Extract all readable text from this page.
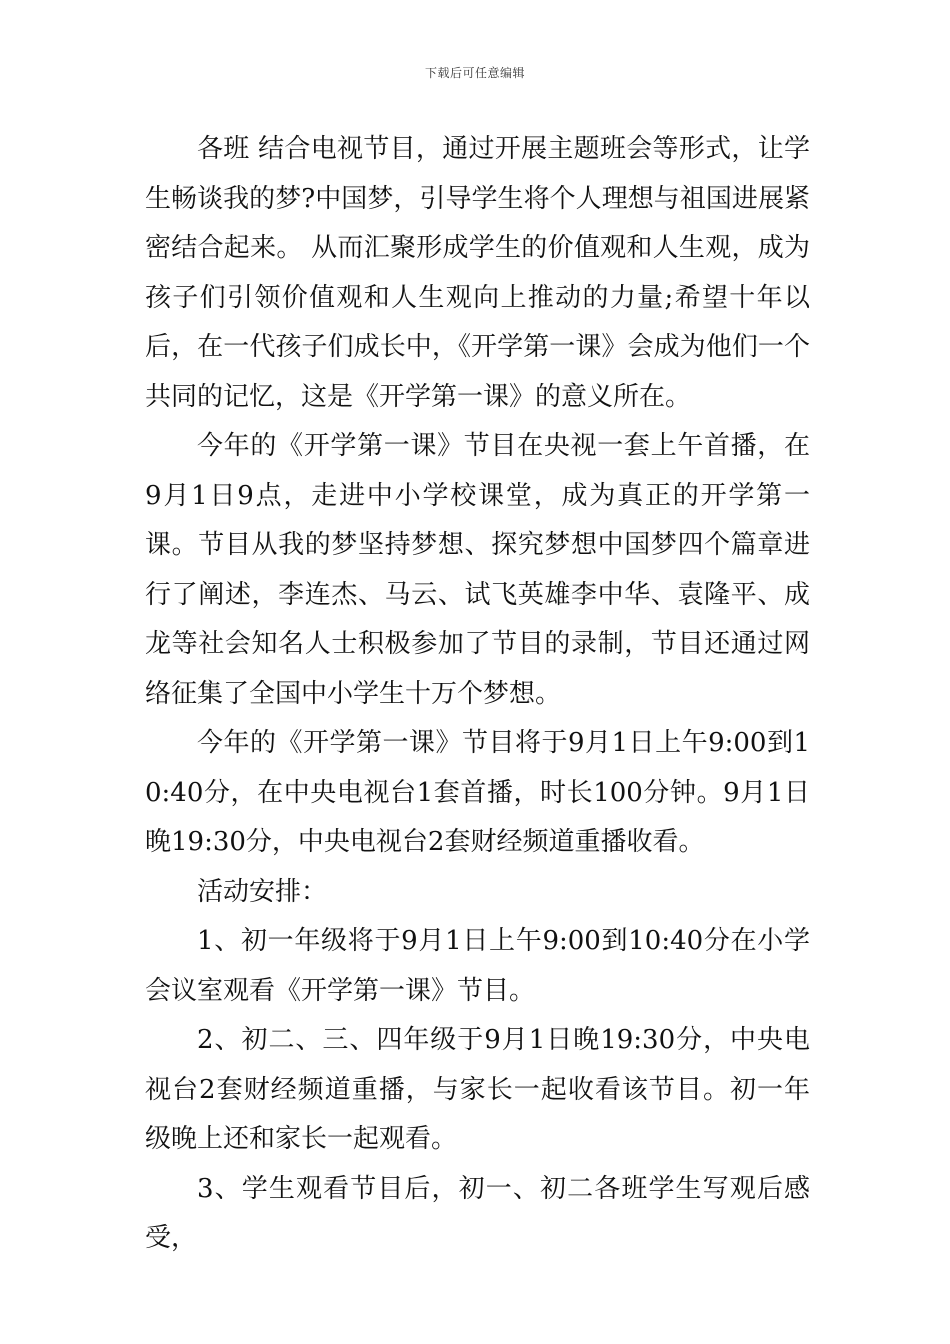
下载后可任意编辑

各班 结合电视节目，通过开展主题班会等形式，让学生畅谈我的梦?中国梦，引导学生将个人理想与祖国进展紧密结合起来。 从而汇聚形成学生的价值观和人生观，成为孩子们引领价值观和人生观向上推动的力量;希望十年以后，在一代孩子们成长中，《开学第一课》会成为他们一个共同的记忆，这是《开学第一课》的意义所在。

今年的《开学第一课》节目在央视一套上午首播，在9月1日9点，走进中小学校课堂，成为真正的开学第一课。节目从我的梦坚持梦想、探究梦想中国梦四个篇章进行了阐述，李连杰、马云、试飞英雄李中华、袁隆平、成龙等社会知名人士积极参加了节目的录制，节目还通过网络征集了全国中小学生十万个梦想。

今年的《开学第一课》节目将于9月1日上午9:00到10:40分，在中央电视台1套首播，时长100分钟。9月1日晚19:30分，中央电视台2套财经频道重播收看。

活动安排：

1、初一年级将于9月1日上午9:00到10:40分在小学会议室观看《开学第一课》节目。

2、初二、三、四年级于9月1日晚19:30分，中央电视台2套财经频道重播，与家长一起收看该节目。初一年级晚上还和家长一起观看。

3、学生观看节目后，初一、初二各班学生写观后感受，
